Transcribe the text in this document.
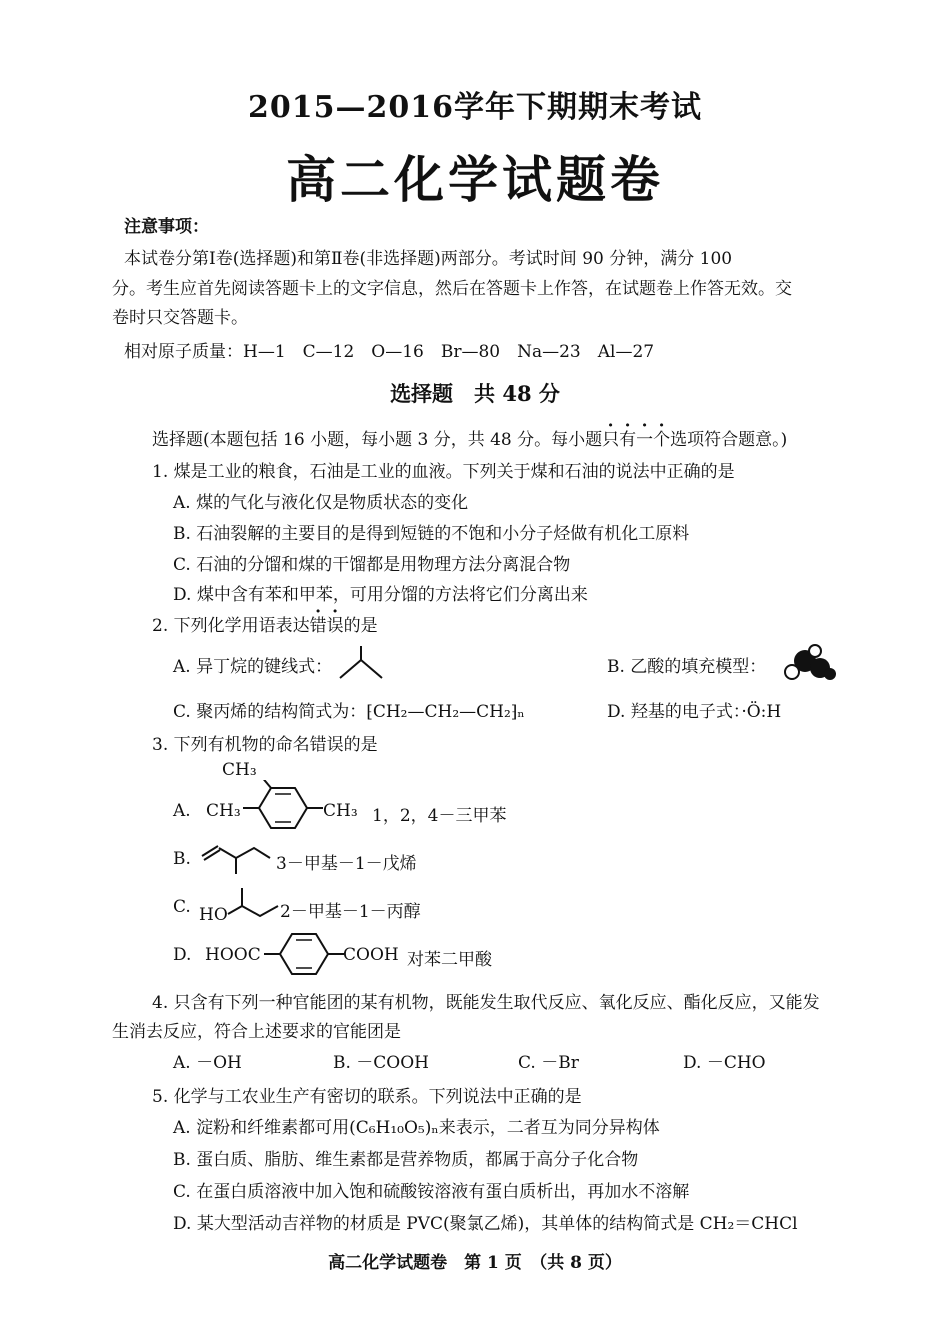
2015—2016学年下期期末考试
高二化学试题卷
注意事项：
本试卷分第Ⅰ卷(选择题)和第Ⅱ卷(非选择题)两部分。考试时间 90 分钟，满分 100
分。考生应首先阅读答题卡上的文字信息，然后在答题卡上作答，在试题卷上作答无效。交
卷时只交答题卡。
相对原子质量：H—1　C—12　O—16　Br—80　Na—23　Al—27
选择题　共 48 分
选择题(本题包括 16 小题，每小题 3 分，共 48 分。每小题只有一个选项符合题意。)
1. 煤是工业的粮食，石油是工业的血液。下列关于煤和石油的说法中正确的是
A. 煤的气化与液化仅是物质状态的变化
B. 石油裂解的主要目的是得到短链的不饱和小分子烃做有机化工原料
C. 石油的分馏和煤的干馏都是用物理方法分离混合物
D. 煤中含有苯和甲苯，可用分馏的方法将它们分离出来
2. 下列化学用语表达错误的是
A. 异丁烷的键线式：	B. 乙酸的填充模型：
C. 聚丙烯的结构简式为：⁅CH₂—CH₂—CH₂⁆ₙ	D. 羟基的电子式：·Ö:H
3. 下列有机物的命名错误的是
CH₃
A. CH₃	CH₃ 1，2，4－三甲苯
B.	3－甲基－1－戊烯
C. HO	2－甲基－1－丙醇
D. HOOC	COOH 对苯二甲酸
4. 只含有下列一种官能团的某有机物，既能发生取代反应、氧化反应、酯化反应，又能发
生消去反应，符合上述要求的官能团是
A. －OH	B. －COOH	C. －Br	D. －CHO
5. 化学与工农业生产有密切的联系。下列说法中正确的是
A. 淀粉和纤维素都可用(C₆H₁₀O₅)ₙ来表示，二者互为同分异构体
B. 蛋白质、脂肪、维生素都是营养物质，都属于高分子化合物
C. 在蛋白质溶液中加入饱和硫酸铵溶液有蛋白质析出，再加水不溶解
D. 某大型活动吉祥物的材质是 PVC(聚氯乙烯)，其单体的结构简式是 CH₂＝CHCl
高二化学试题卷　第 1 页　（共 8 页）
